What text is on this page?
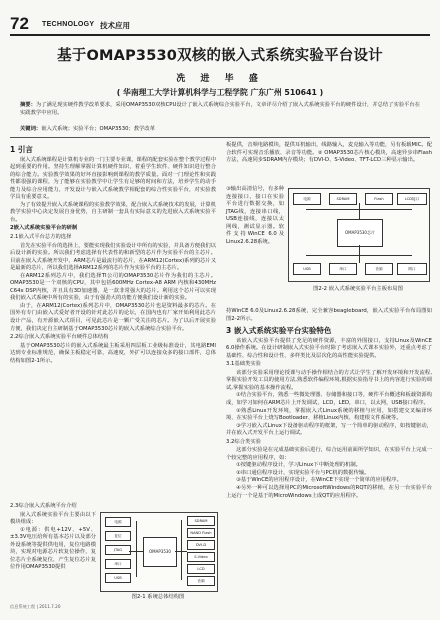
72 TECHNOLOGY 技术应用
基于OMAP3530双核的嵌入式系统实验平台设计
冼 进 毕 盛
( 华南理工大学计算机科学与工程学院 广东广州 510641 )
摘要：为了满足现实硬件教学改革要求，采用OMAP3530双核CPU设计了嵌入式系统综合实验平台，文章详尽介绍了嵌入式系统实验平台的硬件设计，并总结了实验平台在实践教学中应用。
关键词：嵌入式系统；实验平台；OMAP3530；教学改革
1 引言

嵌入式系统课程是计算机专业的一门主要专业课，课程的配套实验在整个教学过程中起到重要的作用。坚持生理解掌握计算机硬件知识，着重学生软件、硬件知识进行整合的综合能力。实验教学效果的好坏直接影响到课程的教学质量。面对一门理论性和实践性都很强的课程，为了能够在实验教学中让学生有足够的时间和方法，培养学生的动手能力及综合应用能力，开发设计与嵌入式系统教学相配套的综合性实验平台，对实验教学具有重要意义。

为了有效提升嵌入式系统课程的实验教学效果，配合嵌入式系统技术的发展，计算机教学实验中心决定发展自身优势，自主研制一套具有实际意义的先进嵌入式系统实验平台。

2嵌入式系统实验平台的研制
2.1嵌入式平台总方的选择

首先在实验平台的选择上，要能实现我们实验设计中所有的实验，并具备方便我们以后设计新的实验。所以我们考虑选择有代表性的和新型的芯片作为实验平台的主芯片。目前在嵌入式系统开发中，ARM芯片是最流行的芯片，在ARM12(Cortex)系列的芯片又是最新的芯片，所以我们选择ARM12系列的芯片作为实验平台的主芯片。

在ARM12系列芯片中，我们选择TI公司的OMAP3530芯片作为我们的主芯片。OMAP3530是一个双核的CPU，其中包括600MHz Cortex-A8 ARM 内核和430MHz C64x DSP内核，并且具有3D加速器，是一款非常强大的芯片。利用这个芯片可以实现我们嵌入式系统中所有的实验，由于有强劲大的功能方便我们设计新的实验。

由于，在ARM12(Cortex)系列芯片中，OMAP3530芯片也是资料最多的芯片。在国外有专门由嵌入式爱好者开设的针对此芯片的论坛，在国内也有厂家开始利用此芯片设计产品，有开源嵌入式项目，可见此芯片是一颗广受关注的芯片。为了以后开展实验方便，我们决定自主研制基于OMAP3530芯片的嵌入式系统综合实验平台。

2.2综合嵌入式系统实验平台硬件总体结构

基于OMAP3530芯片的嵌入式系统最主板采用四层板工业级标准设计，其电路EMI达到专业标准规范，确保主板稳定可靠，高速度，外扩可以连接众多的接口部件，总体结构如图2-1所示。

2.3综合嵌入式系统平台介绍

嵌入式系统实验平台主要由以下模块组成：

①电源：供电+12V、+5V、±3.3V电压给所有基本芯片以及部分外设系统等提供供电用，复位电路模块，实现对电源芯片软复位操作，复位芯片全系统复位，产生复位芯片复位作用OMAP3530提供

OMAP3530
电源
复位
JTAG
串口
USB
SDRAM
NAND Flash
DVI-D
S-Video
LCD
音频
图2-1 系统总体结构图

板提供，音频电路模块，提供耳机输出，线路输入，麦克输入等功能，另有板载MIC。配合软件可实现音乐播放、录音等功能。② OMAP3530芯片核心模块，高速异步串Flash方法，高速同步SDRAM内存模块；有DVI-D、S-Video、TFT-LCD三种显示输出。

③输出高清信号，有多种连接接口，接口在实验平台进行数据交换，如JTAG线，连接串口线，USB连接线，连接以太网线，测试显示器。软件支持WinCE 6.0及Linux2.6.28系统。

OMAP3530芯片
电源	SDRAM	Flash	LCD接口
USB	串口	音频	网口
图2-2 嵌入式系统实验平台主板布局图

持WinCE 6.0及Linux2.6.28系统，完全兼容beagleboard，嵌入式实验平台布局图如图2-2所示。

3 嵌入式系统实验平台实验特色

该嵌入式实验平台提供了充足的硬件资源，丰富的外围接口，支持Linux及WinCE 6.0操作系统。在设计研制嵌入式实验平台时除了考虑嵌入式课本实验外，还重点考虑了基础性、综合性和设计性，多样类比及层次化的高性能实验提供。

3.1基础类实验

该部分实验采用理论授课与动手操作相结合的方式让学生了解开发环境和开发流程,掌握实验开发工具的使用方法,熟悉软件编程环境,根据实验指导书上的内容进行实验的调试,掌握实验的基本操作流程。

①结合实验平台，熟悉一些微处理器、存储器和接口等，硬件平台概述和板载资源构成，如学习如何在ARM芯片上开发调试，LCD，LED，串口，以太网，USB接口程序。

②熟悉Linux开发环境，掌握嵌入式Linux系统的移植与应用，如搭建交叉编译环境、在实验平台上烧写Bootloader、移植Linux内核、构建根文件系统等。

③学习嵌入式Linux下设备驱动程序的框架，写一个简单的驱动程序，如按键驱动，并在嵌入式开发平台上运行调试。

3.2综合类实验

这部分实验是在完成基础实验后进行，综合运用前面所学知识，在实验平台上完成一个较完整的应用程序，如：

①按键驱动程序设计，学习Linux下中断处理的机制。

②串口通信程序设计，实现实验平台与PC机的数据传输。

③基于WinCE的应用程序设计，在WinCE下实现一个简单的应用程序。

④另外一种可以选择用PC的MicrosoftWindows的RQT的移植，在另一台实验平台上运行一个是基于的MicroWindows上成QT的应用程序。

信息系统工程 | 2011.7.20
